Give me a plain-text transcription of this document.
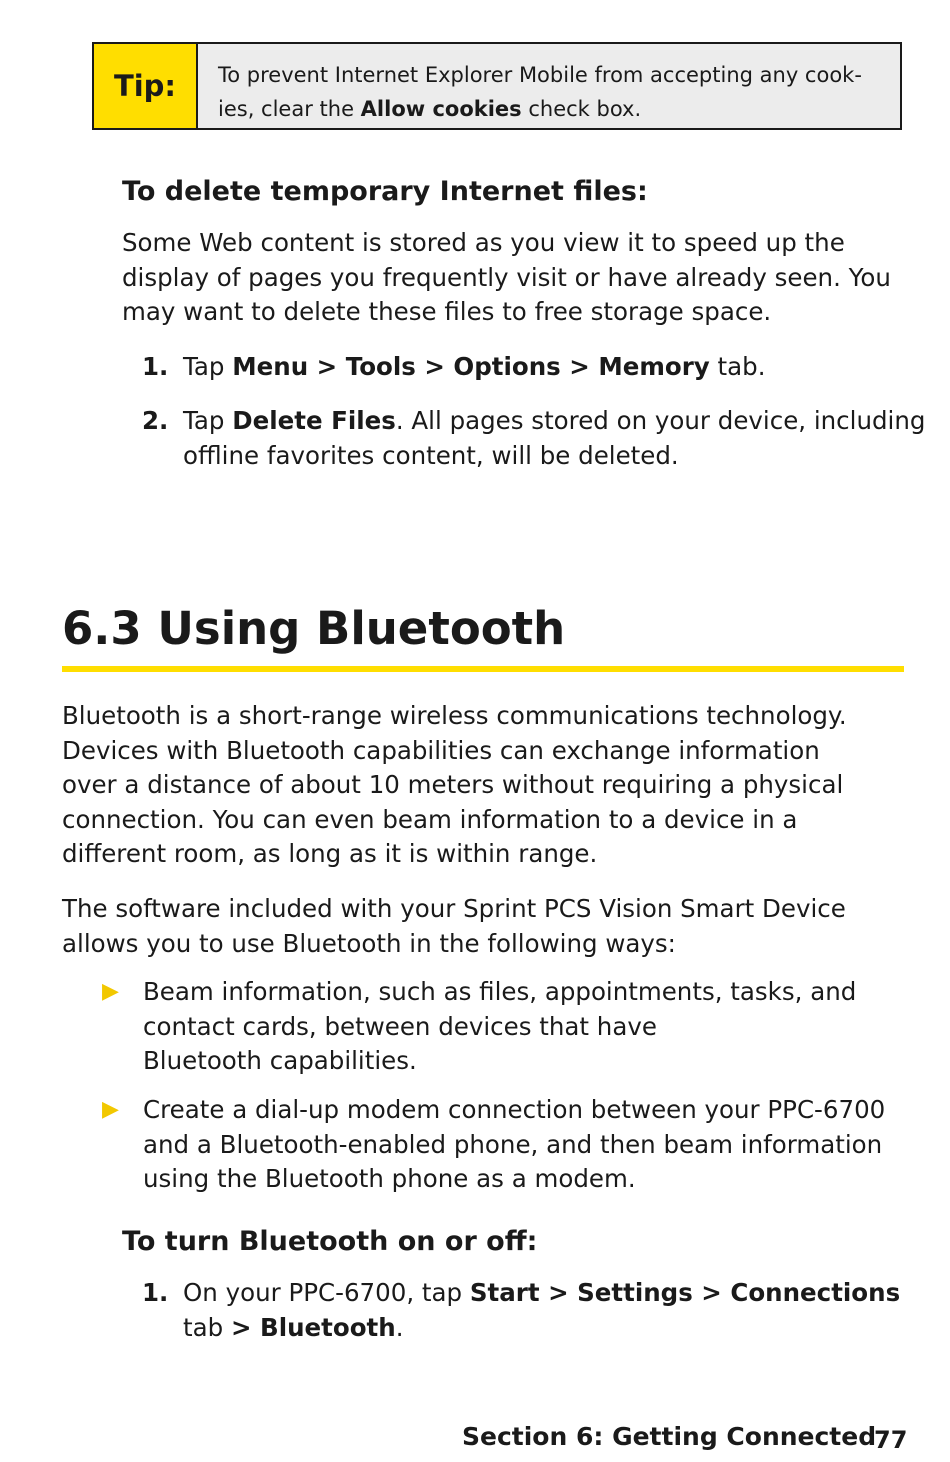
Tip:	To prevent Internet Explorer Mobile from accepting any cook-
ies, clear the Allow cookies check box.
To delete temporary Internet files:
Some Web content is stored as you view it to speed up the
display of pages you frequently visit or have already seen. You
may want to delete these files to free storage space.
1. Tap Menu > Tools > Options > Memory tab.
2. Tap Delete Files. All pages stored on your device, including
offline favorites content, will be deleted.
6.3 Using Bluetooth
Bluetooth is a short-range wireless communications technology.
Devices with Bluetooth capabilities can exchange information
over a distance of about 10 meters without requiring a physical
connection. You can even beam information to a device in a
different room, as long as it is within range.
The software included with your Sprint PCS Vision Smart Device
allows you to use Bluetooth in the following ways:
▶ Beam information, such as files, appointments, tasks, and
contact cards, between devices that have
Bluetooth capabilities.
▶ Create a dial-up modem connection between your PPC-6700
and a Bluetooth-enabled phone, and then beam information
using the Bluetooth phone as a modem.
To turn Bluetooth on or off:
1. On your PPC-6700, tap Start > Settings > Connections
tab > Bluetooth.
Section 6: Getting Connected
77
